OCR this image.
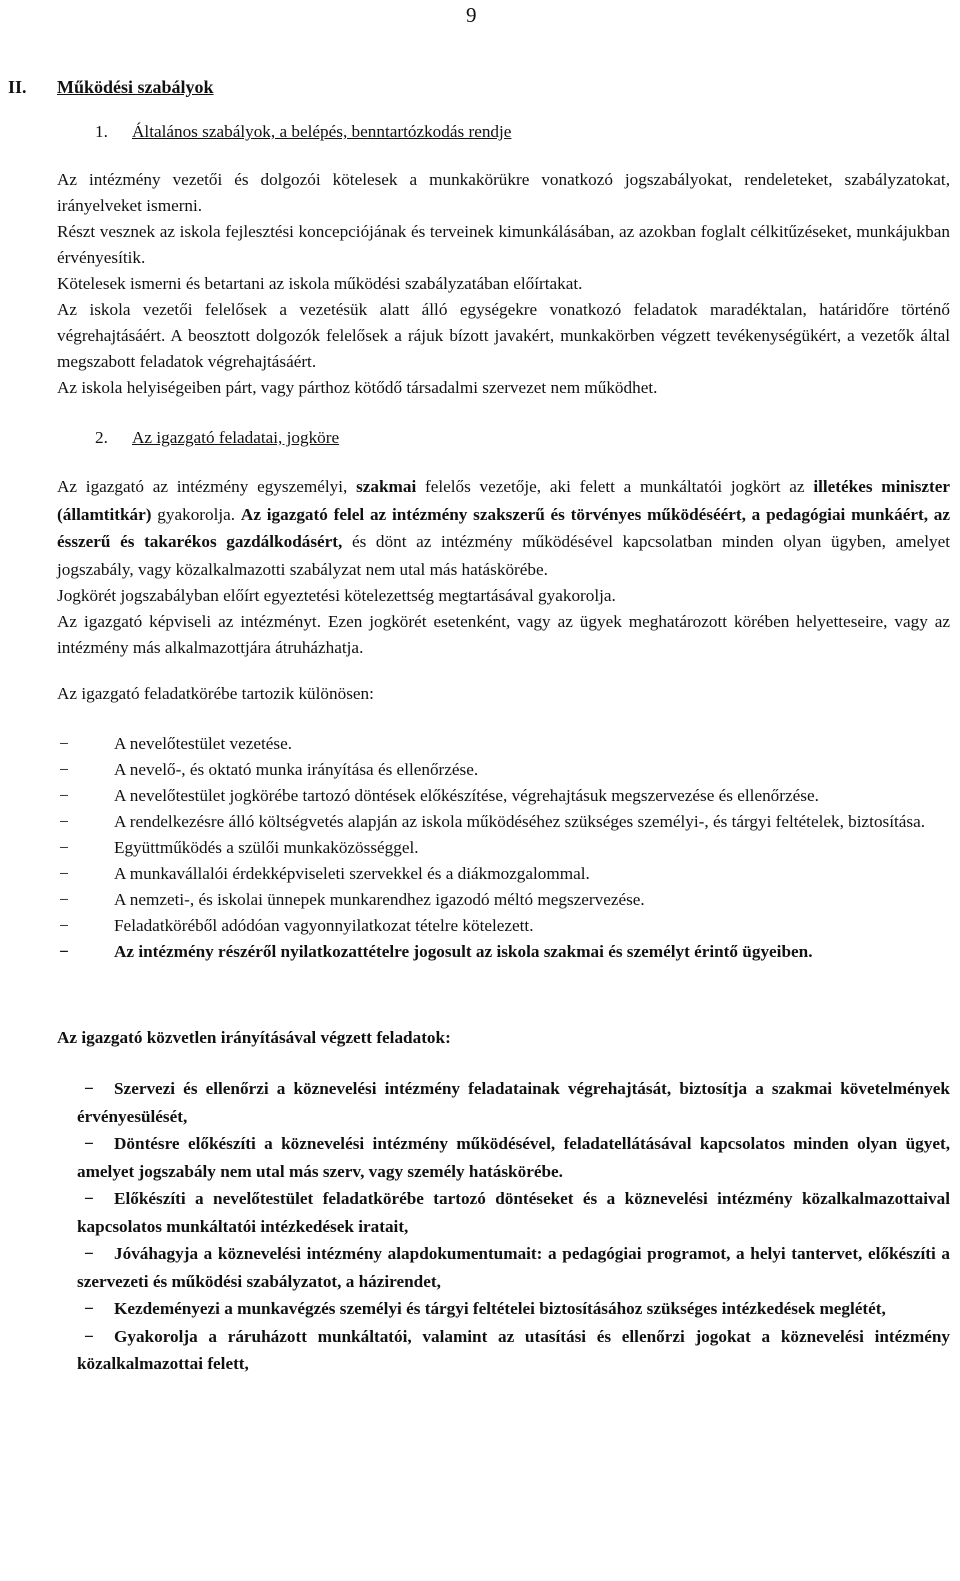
9
II. Működési szabályok
1. Általános szabályok, a belépés, benntartózkodás rendje

Az intézmény vezetői és dolgozói kötelesek a munkakörükre vonatkozó jogszabályokat, rendeleteket, szabályzatokat, irányelveket ismerni.

Részt vesznek az iskola fejlesztési koncepciójának és terveinek kimunkálásában, az azokban foglalt célkitűzéseket, munkájukban érvényesítik.

Kötelesek ismerni és betartani az iskola működési szabályzatában előírtakat.

Az iskola vezetői felelősek a vezetésük alatt álló egységekre vonatkozó feladatok maradéktalan, határidőre történő végrehajtásáért. A beosztott dolgozók felelősek a rájuk bízott javakért, munkakörben végzett tevékenységükért, a vezetők által megszabott feladatok végrehajtásáért.

Az iskola helyiségeiben párt, vagy párthoz kötődő társadalmi szervezet nem működhet.

2. Az igazgató feladatai, jogköre

Az igazgató az intézmény egyszemélyi, szakmai felelős vezetője, aki felett a munkáltatói jogkört az illetékes miniszter (államtitkár) gyakorolja. Az igazgató felel az intézmény szakszerű és törvényes működéséért, a pedagógiai munkáért, az ésszerű és takarékos gazdálkodásért, és dönt az intézmény működésével kapcsolatban minden olyan ügyben, amelyet jogszabály, vagy közalkalmazotti szabályzat nem utal más hatáskörébe.

Jogkörét jogszabályban előírt egyeztetési kötelezettség megtartásával gyakorolja.

Az igazgató képviseli az intézményt. Ezen jogkörét esetenként, vagy az ügyek meghatározott körében helyetteseire, vagy az intézmény más alkalmazottjára átruházhatja.

Az igazgató feladatkörébe tartozik különösen:

−	A nevelőtestület vezetése.
−	A nevelő-, és oktató munka irányítása és ellenőrzése.
−	A nevelőtestület jogkörébe tartozó döntések előkészítése, végrehajtásuk megszervezése és ellenőrzése.
−	A rendelkezésre álló költségvetés alapján az iskola működéséhez szükséges személyi-, és tárgyi feltételek, biztosítása.
−	Együttműködés a szülői munkaközösséggel.
−	A munkavállalói érdekképviseleti szervekkel és a diákmozgalommal.
−	A nemzeti-, és iskolai ünnepek munkarendhez igazodó méltó megszervezése.
−	Feladatköréből adódóan vagyonnyilatkozat tételre kötelezett.
−	Az intézmény részéről nyilatkozattételre jogosult az iskola szakmai és személyt érintő ügyeiben.

Az igazgató közvetlen irányításával végzett feladatok:

− Szervezi és ellenőrzi a köznevelési intézmény feladatainak végrehajtását, biztosítja a szakmai követelmények érvényesülését,
− Döntésre előkészíti a köznevelési intézmény működésével, feladatellátásával kapcsolatos minden olyan ügyet, amelyet jogszabály nem utal más szerv, vagy személy hatáskörébe.
− Előkészíti a nevelőtestület feladatkörébe tartozó döntéseket és a köznevelési intézmény közalkalmazottaival kapcsolatos munkáltatói intézkedések iratait,
− Jóváhagyja a köznevelési intézmény alapdokumentumait: a pedagógiai programot, a helyi tantervet, előkészíti a szervezeti és működési szabályzatot, a házirendet,
− Kezdeményezi a munkavégzés személyi és tárgyi feltételei biztosításához szükséges intézkedések meglétét,
− Gyakorolja a ráruházott munkáltatói, valamint az utasítási és ellenőrzi jogokat a köznevelési intézmény közalkalmazottai felett,
